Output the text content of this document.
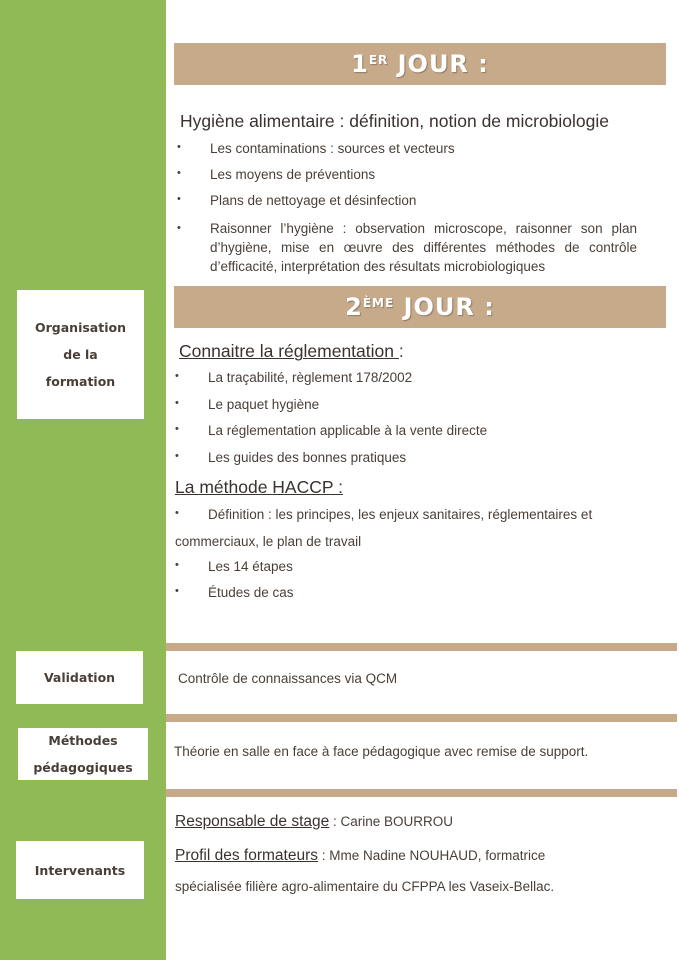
Organisation
de la
formation
Validation
Méthodes
pédagogiques
Intervenants
1ER
JOUR :
Hygiène alimentaire : définition, notion de microbiologie
• Les contaminations : sources et vecteurs
• Les moyens de préventions
• Plans de nettoyage et désinfection
• Raisonner l’hygiène : observation microscope, raisonner son plan d’hygiène, mise en œuvre des différentes méthodes de contrôle d’efficacité, interprétation des résultats microbiologiques
2ÈME
JOUR :
Connaitre la réglementation :
• La traçabilité, règlement 178/2002
• Le paquet hygiène
• La réglementation applicable à la vente directe
• Les guides des bonnes pratiques
La méthode HACCP :
• Définition : les principes, les enjeux sanitaires, réglementaires et
commerciaux, le plan de travail
• Les 14 étapes
• Études de cas
Contrôle de connaissances via QCM
Théorie en salle en face à face pédagogique avec remise de support.
Responsable de stage : Carine BOURROU
Profil des formateurs : Mme Nadine NOUHAUD, formatrice
spécialisée filière agro-alimentaire du CFPPA les Vaseix-Bellac.
